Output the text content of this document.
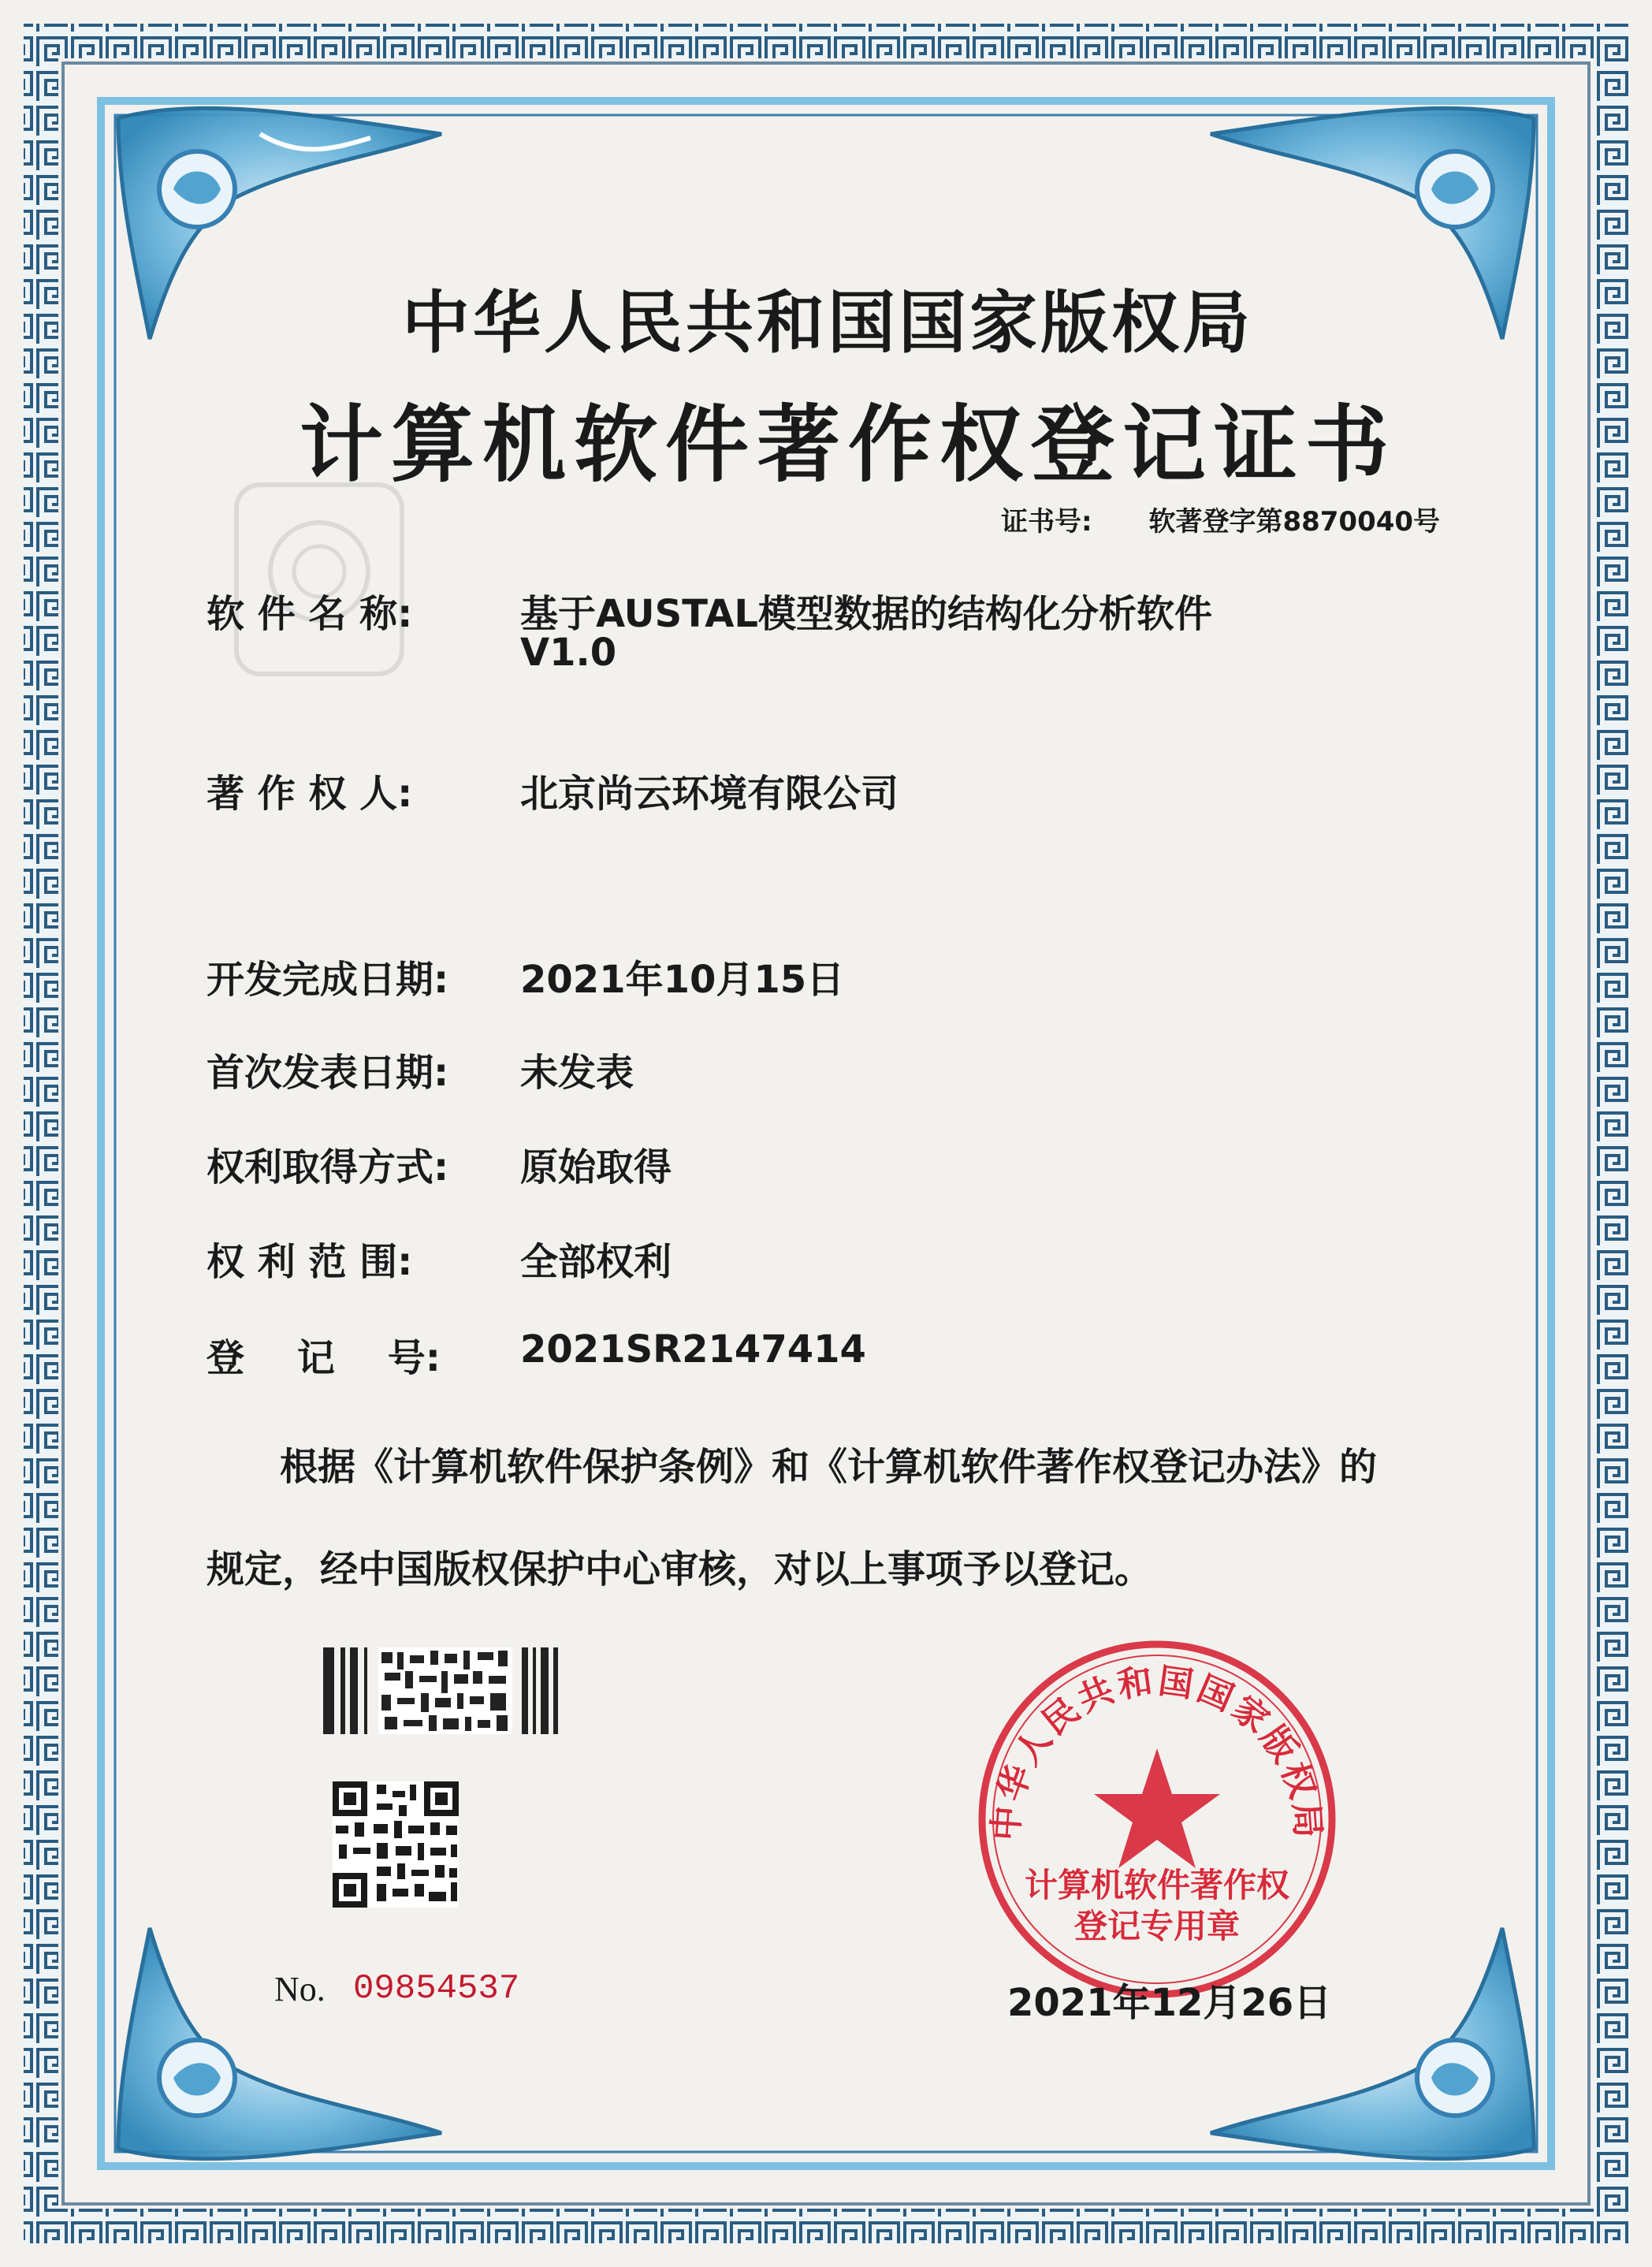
中华人民共和国国家版权局
计算机软件著作权
登记专用章
中华人民共和国国家版权局
计算机软件著作权登记证书
证书号: 软著登字第8870040号
软 件 名 称:	基于AUSTAL模型数据的结构化分析软件
V1.0
著 作 权 人:	北京尚云环境有限公司
开发完成日期: 2021年10月15日
首次发表日期: 未发表
权利取得方式: 原始取得
权 利 范 围:	全部权利
登    记    号: 2021SR2147414
根据《计算机软件保护条例》和《计算机软件著作权登记办法》的
规定，经中国版权保护中心审核，对以上事项予以登记。
No. 09854537	2021年12月26日
